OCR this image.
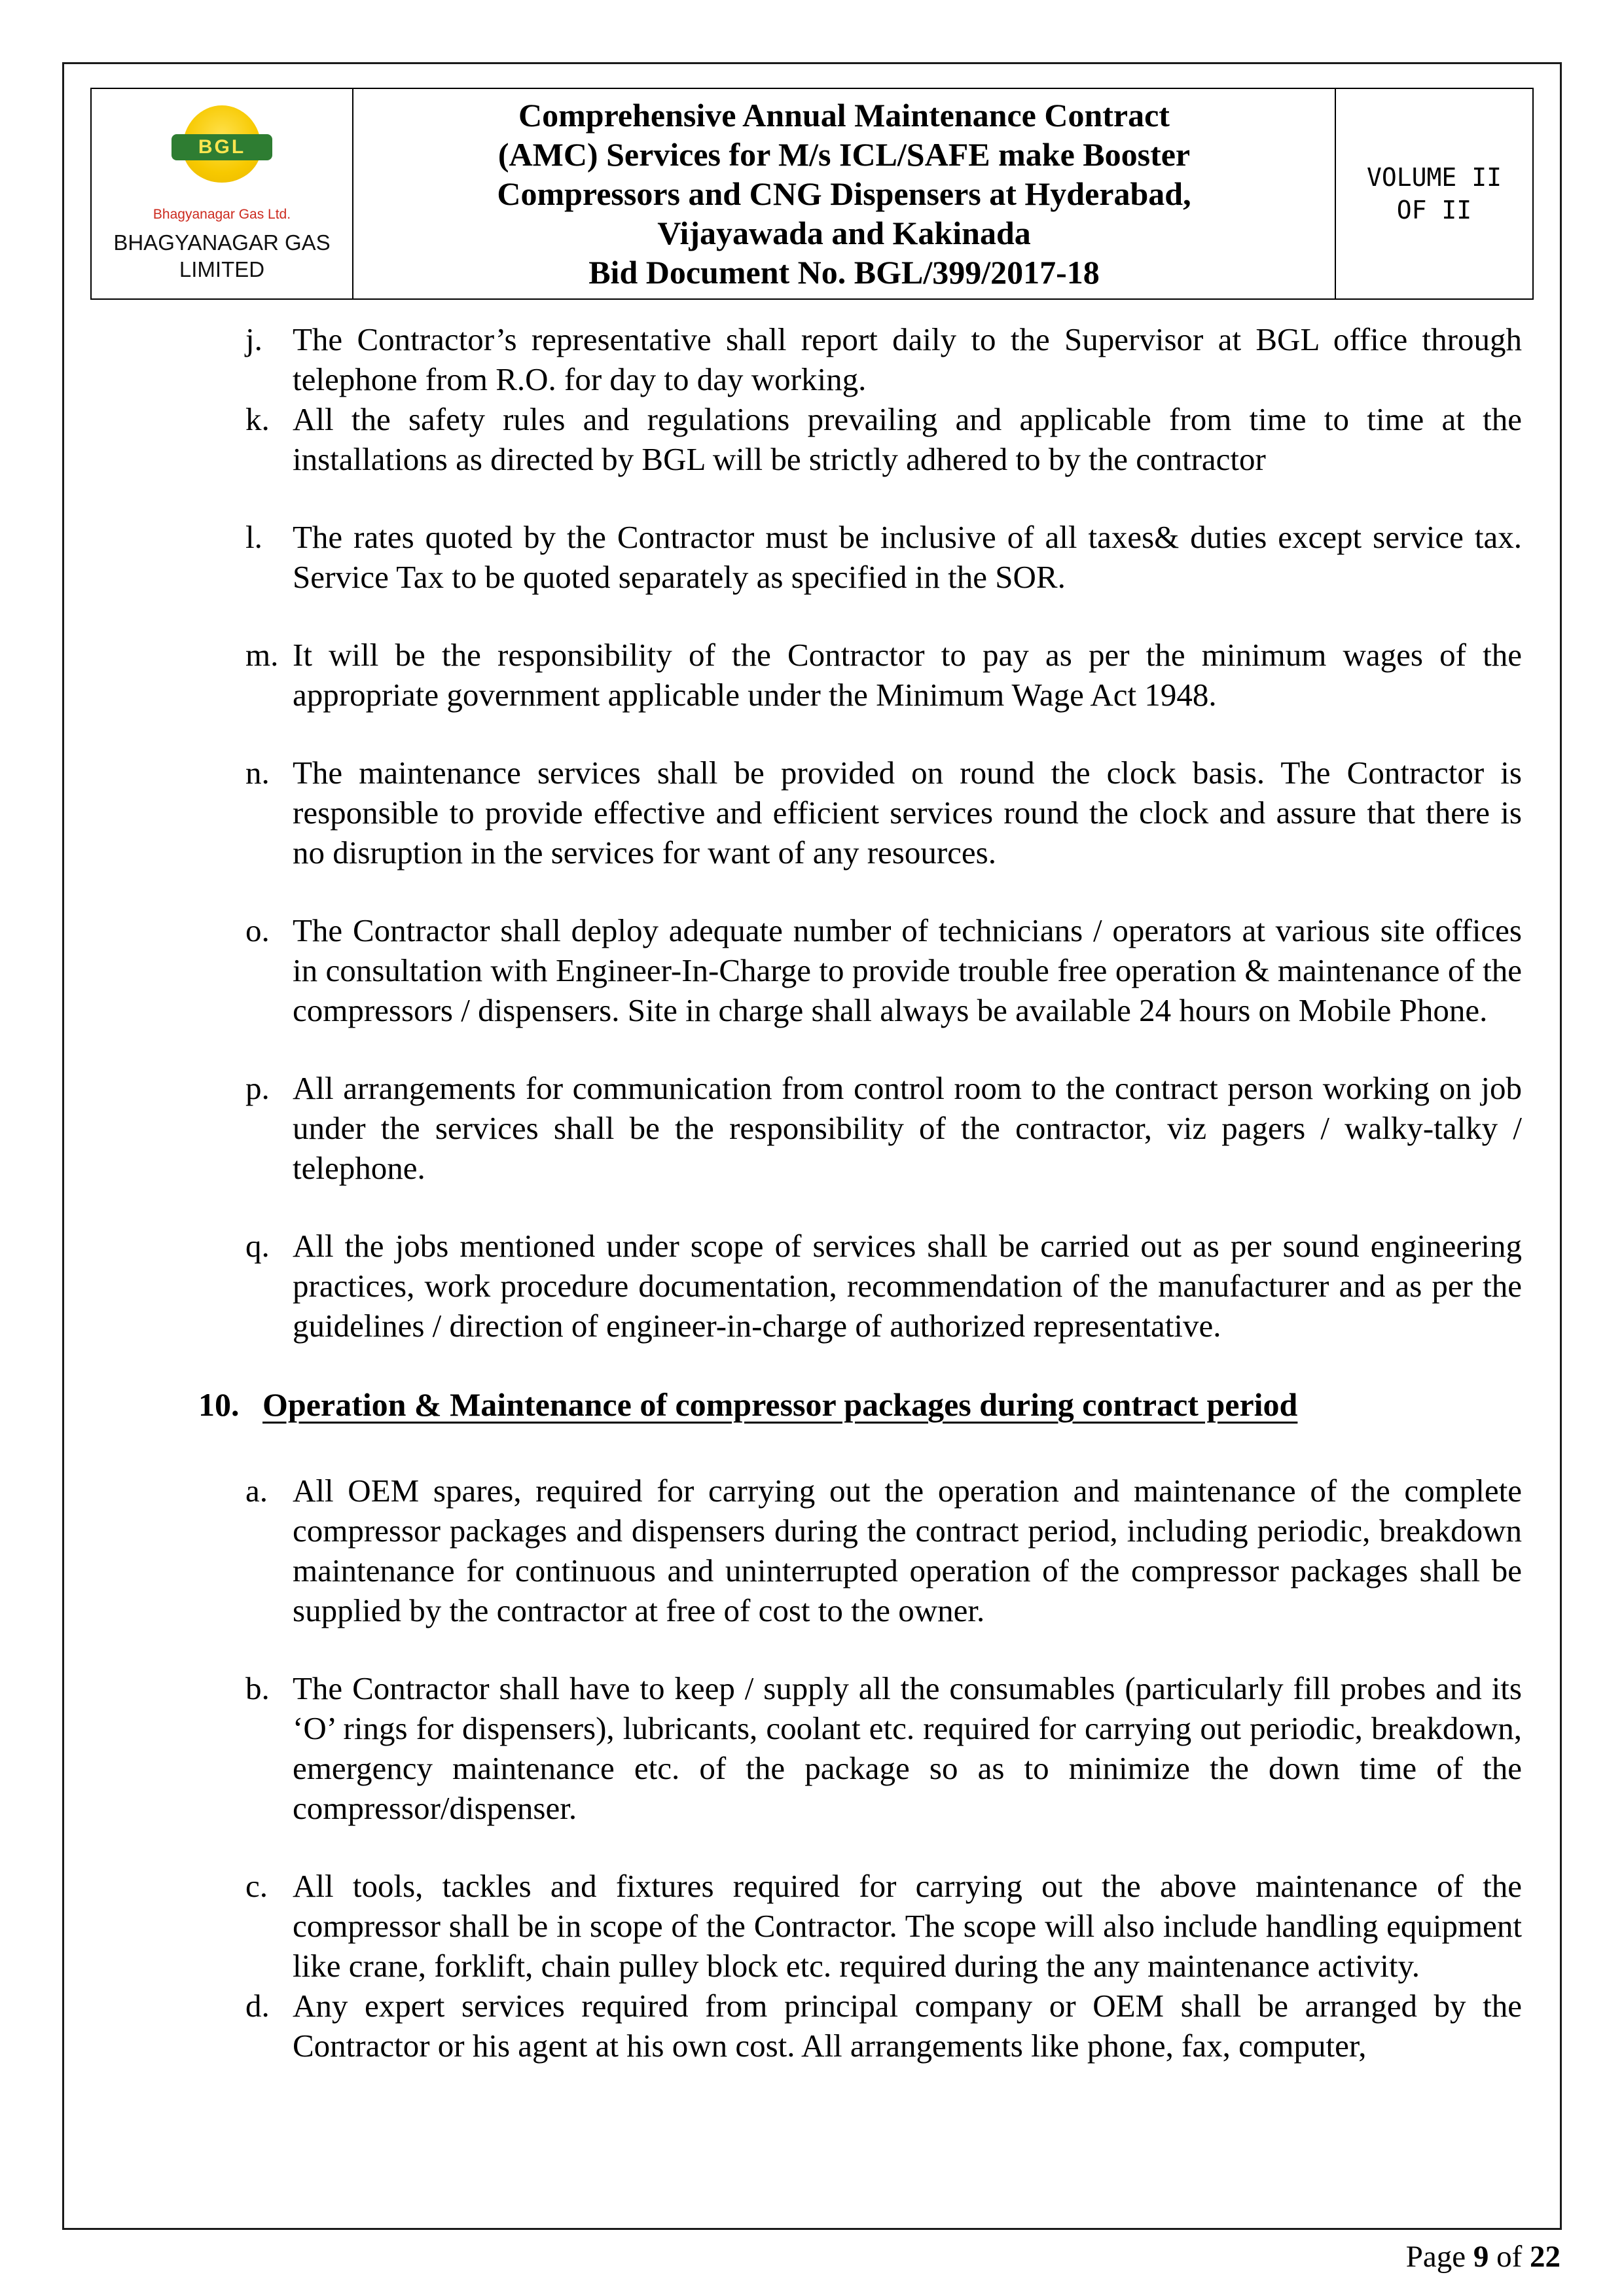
BGL
Bhagyanagar Gas Ltd.
BHAGYANAGAR GAS
LIMITED
Comprehensive Annual Maintenance Contract
(AMC) Services for M/s ICL/SAFE make Booster
Compressors and CNG Dispensers at Hyderabad,
Vijayawada and Kakinada
Bid Document No. BGL/399/2017-18
VOLUME II
OF II
j. The Contractor’s representative shall report daily to the Supervisor at BGL office through telephone from R.O. for day to day working.
k. All the safety rules and regulations prevailing and applicable from time to time at the installations as directed by BGL will be strictly adhered to by the contractor
l. The rates quoted by the Contractor must be inclusive of all taxes& duties except service tax. Service Tax to be quoted separately as specified in the SOR.
m. It will be the responsibility of the Contractor to pay as per the minimum wages of the appropriate government applicable under the Minimum Wage Act 1948.
n. The maintenance services shall be provided on round the clock basis. The Contractor is responsible to provide effective and efficient services round the clock and assure that there is no disruption in the services for want of any resources.
o. The Contractor shall deploy adequate number of technicians / operators at various site offices in consultation with Engineer-In-Charge to provide trouble free operation & maintenance of the compressors / dispensers. Site in charge shall always be available 24 hours on Mobile Phone.
p. All arrangements for communication from control room to the contract person working on job under the services shall be the responsibility of the contractor, viz pagers / walky-talky / telephone.
q. All the jobs mentioned under scope of services shall be carried out as per sound engineering practices, work procedure documentation, recommendation of the manufacturer and as per the guidelines / direction of engineer-in-charge of authorized representative.
10. Operation & Maintenance of compressor packages during contract period
a. All OEM spares, required for carrying out the operation and maintenance of the complete compressor packages and dispensers during the contract period, including periodic, breakdown maintenance for continuous and uninterrupted operation of the compressor packages shall be supplied by the contractor at free of cost to the owner.
b. The Contractor shall have to keep / supply all the consumables (particularly fill probes and its ‘O’ rings for dispensers), lubricants, coolant etc. required for carrying out periodic, breakdown, emergency maintenance etc. of the package so as to minimize the down time of the compressor/dispenser.
c. All tools, tackles and fixtures required for carrying out the above maintenance of the compressor shall be in scope of the Contractor. The scope will also include handling equipment like crane, forklift, chain pulley block etc. required during the any maintenance activity.
d. Any expert services required from principal company or OEM shall be arranged by the Contractor or his agent at his own cost. All arrangements like phone, fax, computer,
Page 9 of 22
